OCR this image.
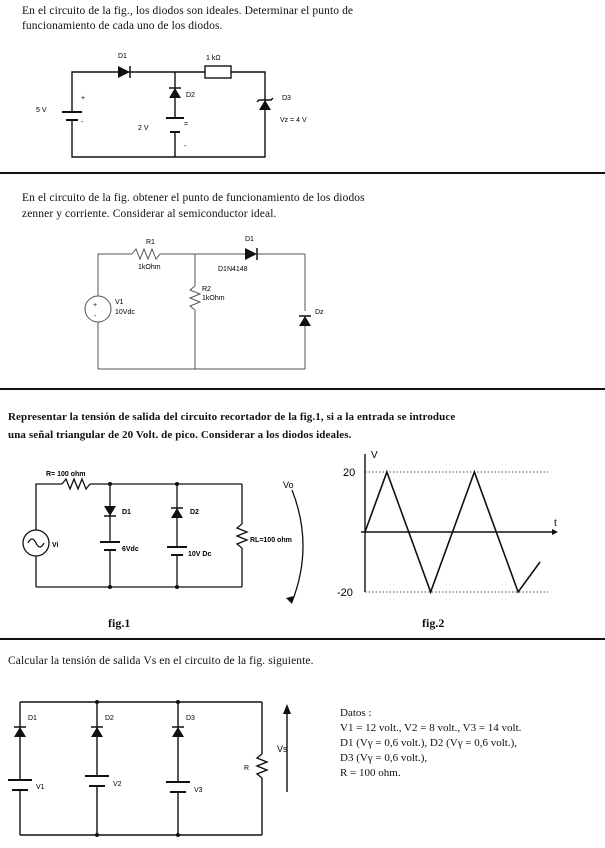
En el circuito de la fig., los diodos son ideales. Determinar el punto de
funcionamiento de cada uno de los diodos.
D1	1 kΩ
D2	D3
Vz = 4 V
5 V
2 V
+
-	=
-
En el circuito de la fig. obtener el punto de funcionamiento de los diodos
zenner y corriente. Considerar al semiconductor ideal.
+
-
R1
1kOhm
D1
D1N4148
R2
1kOhm
V1
10Vdc	Dz
Representar la tensión de salida del circuito recortador de la fig.1, si a la entrada se introduce
una señal triangular de 20 Volt. de pico. Considerar a los diodos ideales.
R= 100 ohm
D1	D2
6Vdc
10V Dc
RL=100 ohm
Vo
Vi
20
-20
V
t
fig.1	fig.2
Calcular la tensión de salida Vs en el circuito de la fig. siguiente.
D1	D2	D3
V1	V2
V3
R
Vs
Datos :
V1 = 12 volt., V2 = 8 volt., V3 = 14 volt.
D1 (Vγ = 0,6 volt.), D2 (Vγ = 0,6 volt.),
D3 (Vγ = 0,6 volt.),
R = 100 ohm.
